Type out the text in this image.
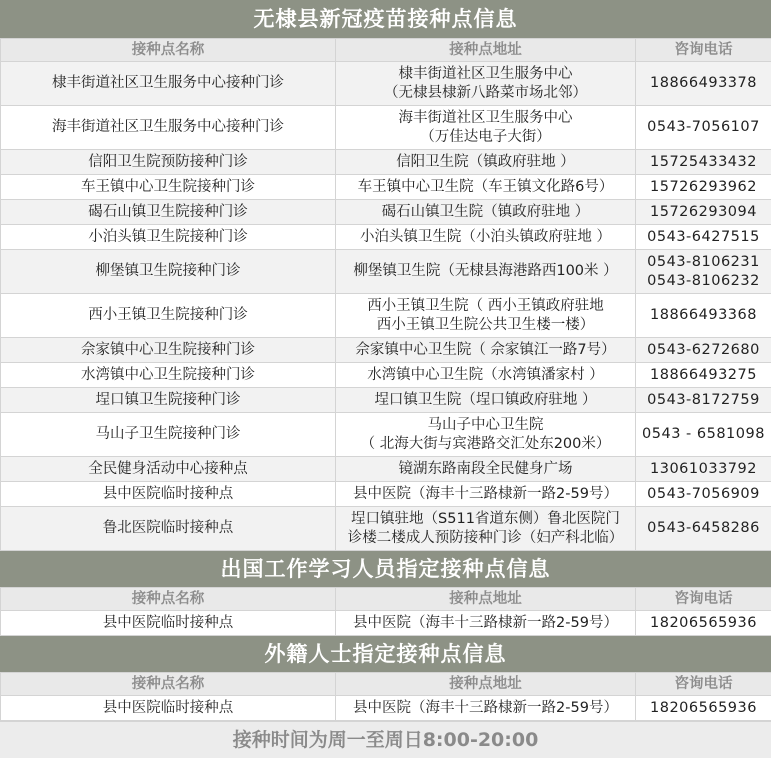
无棣县新冠疫苗接种点信息
接种点名称	接种点地址	咨询电话
棣丰街道社区卫生服务中心接种门诊	棣丰街道社区卫生服务中心
（无棣县棣新八路菜市场北邻）	18866493378

海丰街道社区卫生服务中心接种门诊	海丰街道社区卫生服务中心
（万佳达电子大街）	0543-7056107

信阳卫生院预防接种门诊	信阳卫生院（镇政府驻地 ）	15725433432

车王镇中心卫生院接种门诊	车王镇中心卫生院（车王镇文化路6号）	15726293962

碣石山镇卫生院接种门诊	碣石山镇卫生院（镇政府驻地 ）	15726293094

小泊头镇卫生院接种门诊	小泊头镇卫生院（小泊头镇政府驻地 ）	0543-6427515

柳堡镇卫生院接种门诊	柳堡镇卫生院（无棣县海港路西100米 ）	0543-8106231
0543-8106232

西小王镇卫生院接种门诊	西小王镇卫生院（ 西小王镇政府驻地
西小王镇卫生院公共卫生楼一楼）	18866493368

佘家镇中心卫生院接种门诊	佘家镇中心卫生院（ 佘家镇江一路7号）	0543-6272680

水湾镇中心卫生院接种门诊	水湾镇中心卫生院（水湾镇潘家村 ）	18866493275

埕口镇卫生院接种门诊	埕口镇卫生院（埕口镇政府驻地 ）	0543-8172759

马山子卫生院接种门诊	马山子中心卫生院
（ 北海大街与宾港路交汇处东200米）	0543 - 6581098

全民健身活动中心接种点	镜湖东路南段全民健身广场	13061033792

县中医院临时接种点	县中医院（海丰十三路棣新一路2-59号）	0543-7056909

鲁北医院临时接种点	埕口镇驻地（S511省道东侧）鲁北医院门
诊楼二楼成人预防接种门诊（妇产科北临）	0543-6458286
出国工作学习人员指定接种点信息
接种点名称	接种点地址	咨询电话
县中医院临时接种点	县中医院（海丰十三路棣新一路2-59号）	18206565936
外籍人士指定接种点信息
接种点名称	接种点地址	咨询电话
县中医院临时接种点	县中医院（海丰十三路棣新一路2-59号）	18206565936
接种时间为周一至周日8:00-20:00
